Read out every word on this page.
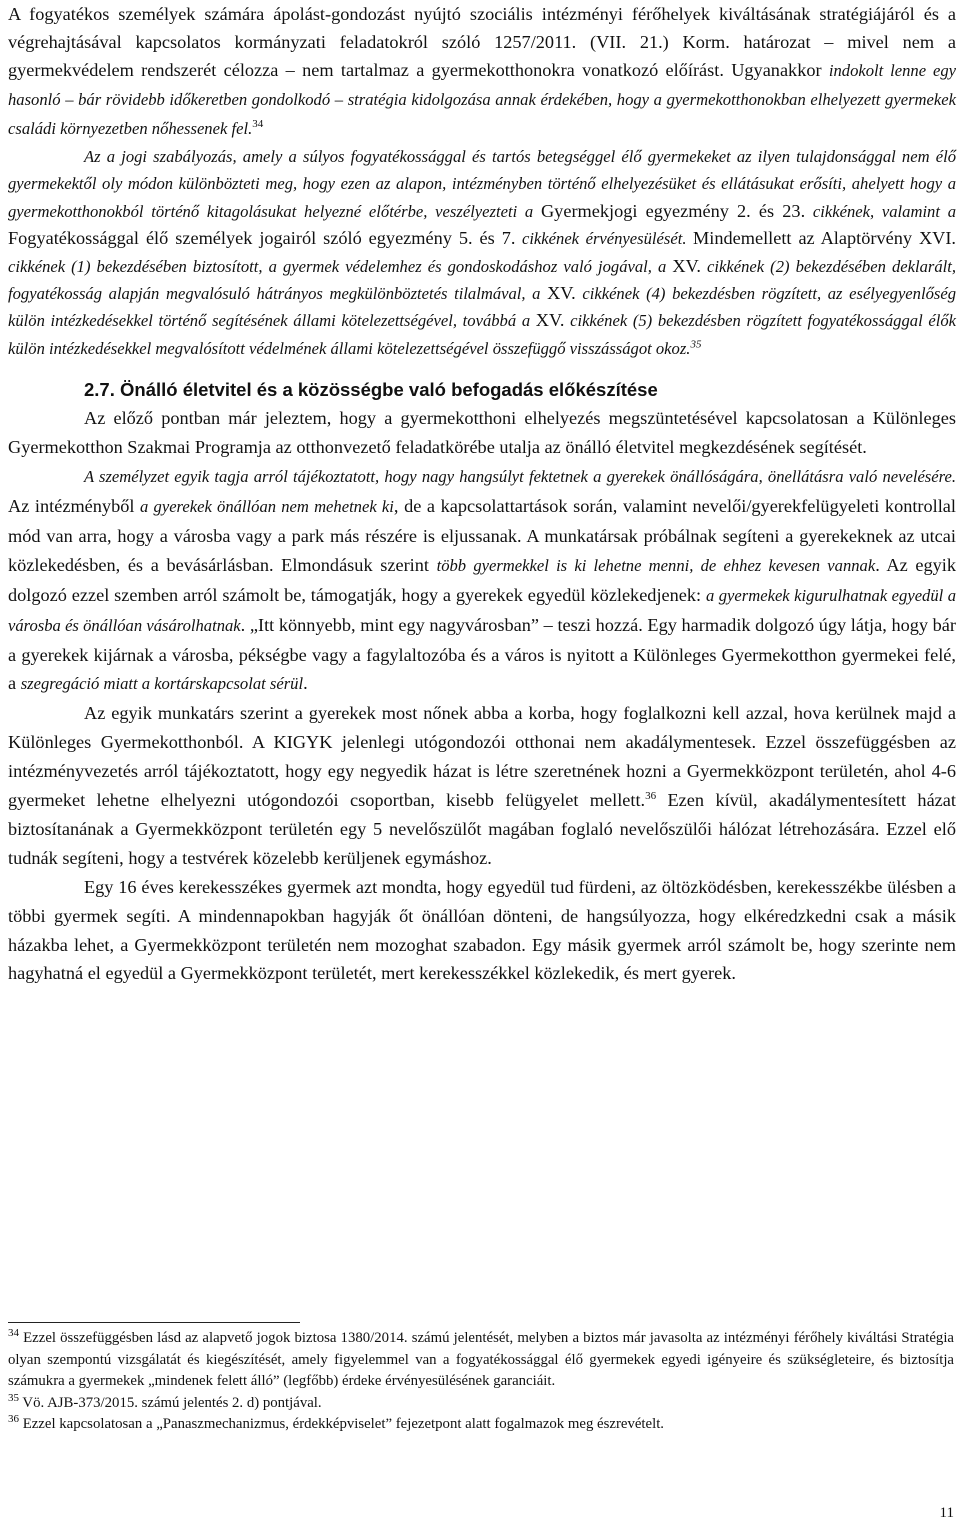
A fogyatékos személyek számára ápolást-gondozást nyújtó szociális intézményi férőhelyek kiváltásának stratégiájáról és a végrehajtásával kapcsolatos kormányzati feladatokról szóló 1257/2011. (VII. 21.) Korm. határozat – mivel nem a gyermekvédelem rendszerét célozza – nem tartalmaz a gyermekotthonokra vonatkozó előírást. Ugyanakkor indokolt lenne egy hasonló – bár rövidebb időkeretben gondolkodó – stratégia kidolgozása annak érdekében, hogy a gyermekotthonokban elhelyezett gyermekek családi környezetben nőhessenek fel.$^{34}$

Az a jogi szabályozás, amely a súlyos fogyatékossággal és tartós betegséggel élő gyermekeket az ilyen tulajdonsággal nem élő gyermekektől oly módon különbözteti meg, hogy ezen az alapon, intézményben történő elhelyezésüket és ellátásukat erősíti, ahelyett hogy a gyermekotthonokból történő kitagolásukat helyezné előtérbe, veszélyezteti a Gyermekjogi egyezmény 2. és 23. cikkének, valamint a Fogyatékossággal élő személyek jogairól szóló egyezmény 5. és 7. cikkének érvényesülését. Mindemellett az Alaptörvény XVI. cikkének (1) bekezdésében biztosított, a gyermek védelemhez és gondoskodáshoz való jogával, a XV. cikkének (2) bekezdésében deklarált, fogyatékosság alapján megvalósuló hátrányos megkülönböztetés tilalmával, a XV. cikkének (4) bekezdésben rögzített, az esélyegyenlőség külön intézkedésekkel történő segítésének állami kötelezettségével, továbbá a XV. cikkének (5) bekezdésben rögzített fogyatékossággal élők külön intézkedésekkel megvalósított védelmének állami kötelezettségével összefüggő visszásságot okoz.$^{35}$

2.7. Önálló életvitel és a közösségbe való befogadás előkészítése

Az előző pontban már jeleztem, hogy a gyermekotthoni elhelyezés megszüntetésével kapcsolatosan a Különleges Gyermekotthon Szakmai Programja az otthonvezető feladatkörébe utalja az önálló életvitel megkezdésének segítését.

A személyzet egyik tagja arról tájékoztatott, hogy nagy hangsúlyt fektetnek a gyerekek önállóságára, önellátásra való nevelésére. Az intézményből a gyerekek önállóan nem mehetnek ki, de a kapcsolattartások során, valamint nevelői/gyerekfelügyeleti kontrollal mód van arra, hogy a városba vagy a park más részére is eljussanak. A munkatársak próbálnak segíteni a gyerekeknek az utcai közlekedésben, és a bevásárlásban. Elmondásuk szerint több gyermekkel is ki lehetne menni, de ehhez kevesen vannak. Az egyik dolgozó ezzel szemben arról számolt be, támogatják, hogy a gyerekek egyedül közlekedjenek: a gyermekek kigurulhatnak egyedül a városba és önállóan vásárolhatnak. „Itt könnyebb, mint egy nagyvárosban” – teszi hozzá. Egy harmadik dolgozó úgy látja, hogy bár a gyerekek kijárnak a városba, pékségbe vagy a fagylaltozóba és a város is nyitott a Különleges Gyermekotthon gyermekei felé, a szegregáció miatt a kortárskapcsolat sérül.

Az egyik munkatárs szerint a gyerekek most nőnek abba a korba, hogy foglalkozni kell azzal, hova kerülnek majd a Különleges Gyermekotthonból. A KIGYK jelenlegi utógondozói otthonai nem akadálymentesek. Ezzel összefüggésben az intézményvezetés arról tájékoztatott, hogy egy negyedik házat is létre szeretnének hozni a Gyermekközpont területén, ahol 4-6 gyermeket lehetne elhelyezni utógondozói csoportban, kisebb felügyelet mellett.$^{36}$ Ezen kívül, akadálymentesített házat biztosítanának a Gyermekközpont területén egy 5 nevelőszülőt magában foglaló nevelőszülői hálózat létrehozására. Ezzel elő tudnák segíteni, hogy a testvérek közelebb kerüljenek egymáshoz.

Egy 16 éves kerekesszékes gyermek azt mondta, hogy egyedül tud fürdeni, az öltözködésben, kerekesszékbe ülésben a többi gyermek segíti. A mindennapokban hagyják őt önállóan dönteni, de hangsúlyozza, hogy elkéredzkedni csak a másik házakba lehet, a Gyermekközpont területén nem mozoghat szabadon. Egy másik gyermek arról számolt be, hogy szerinte nem hagyhatná el egyedül a Gyermekközpont területét, mert kerekesszékkel közlekedik, és mert gyerek.

$^{34}$ Ezzel összefüggésben lásd az alapvető jogok biztosa 1380/2014. számú jelentését, melyben a biztos már javasolta az intézményi férőhely kiváltási Stratégia olyan szempontú vizsgálatát és kiegészítését, amely figyelemmel van a fogyatékossággal élő gyermekek egyedi igényeire és szükségleteire, és biztosítja számukra a gyermekek „mindenek felett álló” (legfőbb) érdeke érvényesülésének garanciáit.

$^{35}$ Vö. AJB-373/2015. számú jelentés 2. d) pontjával.

$^{36}$ Ezzel kapcsolatosan a „Panaszmechanizmus, érdekképviselet” fejezetpont alatt fogalmazok meg észrevételt.

11
